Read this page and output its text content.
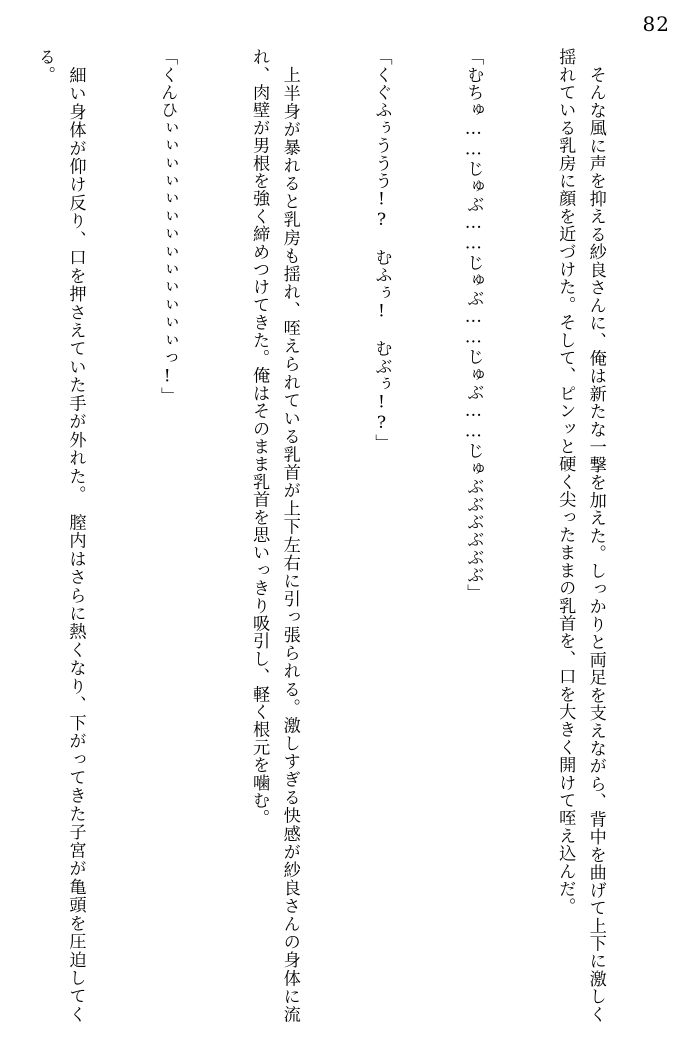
82

　そんな風に声を抑える紗良さんに、俺は新たな一撃を加えた。しっかりと両足を支えながら、背中を曲げて上下に激しく揺れている乳房に顔を近づけた。そして、ピンッと硬く尖ったままの乳首を、口を大きく開けて咥え込んだ。

「むちゅ……じゅぶ……じゅぶ……じゅぶ……じゅぶぶぶぶぶぶ」

「くぐふぅううう!?　むふぅ!　むぶぅ!?」

　上半身が暴れると乳房も揺れ、咥えられている乳首が上下左右に引っ張られる。激しすぎる快感が紗良さんの身体に流れ、肉壁が男根を強く締めつけてきた。俺はそのまま乳首を思いっきり吸引し、軽く根元を噛む。

「くんひぃぃぃぃぃぃぃぃぃぃぃぃぃっ!」

　細い身体が仰け反り、口を押さえていた手が外れた。　膣内はさらに熱くなり、下がってきた子宮が亀頭を圧迫してくる。
